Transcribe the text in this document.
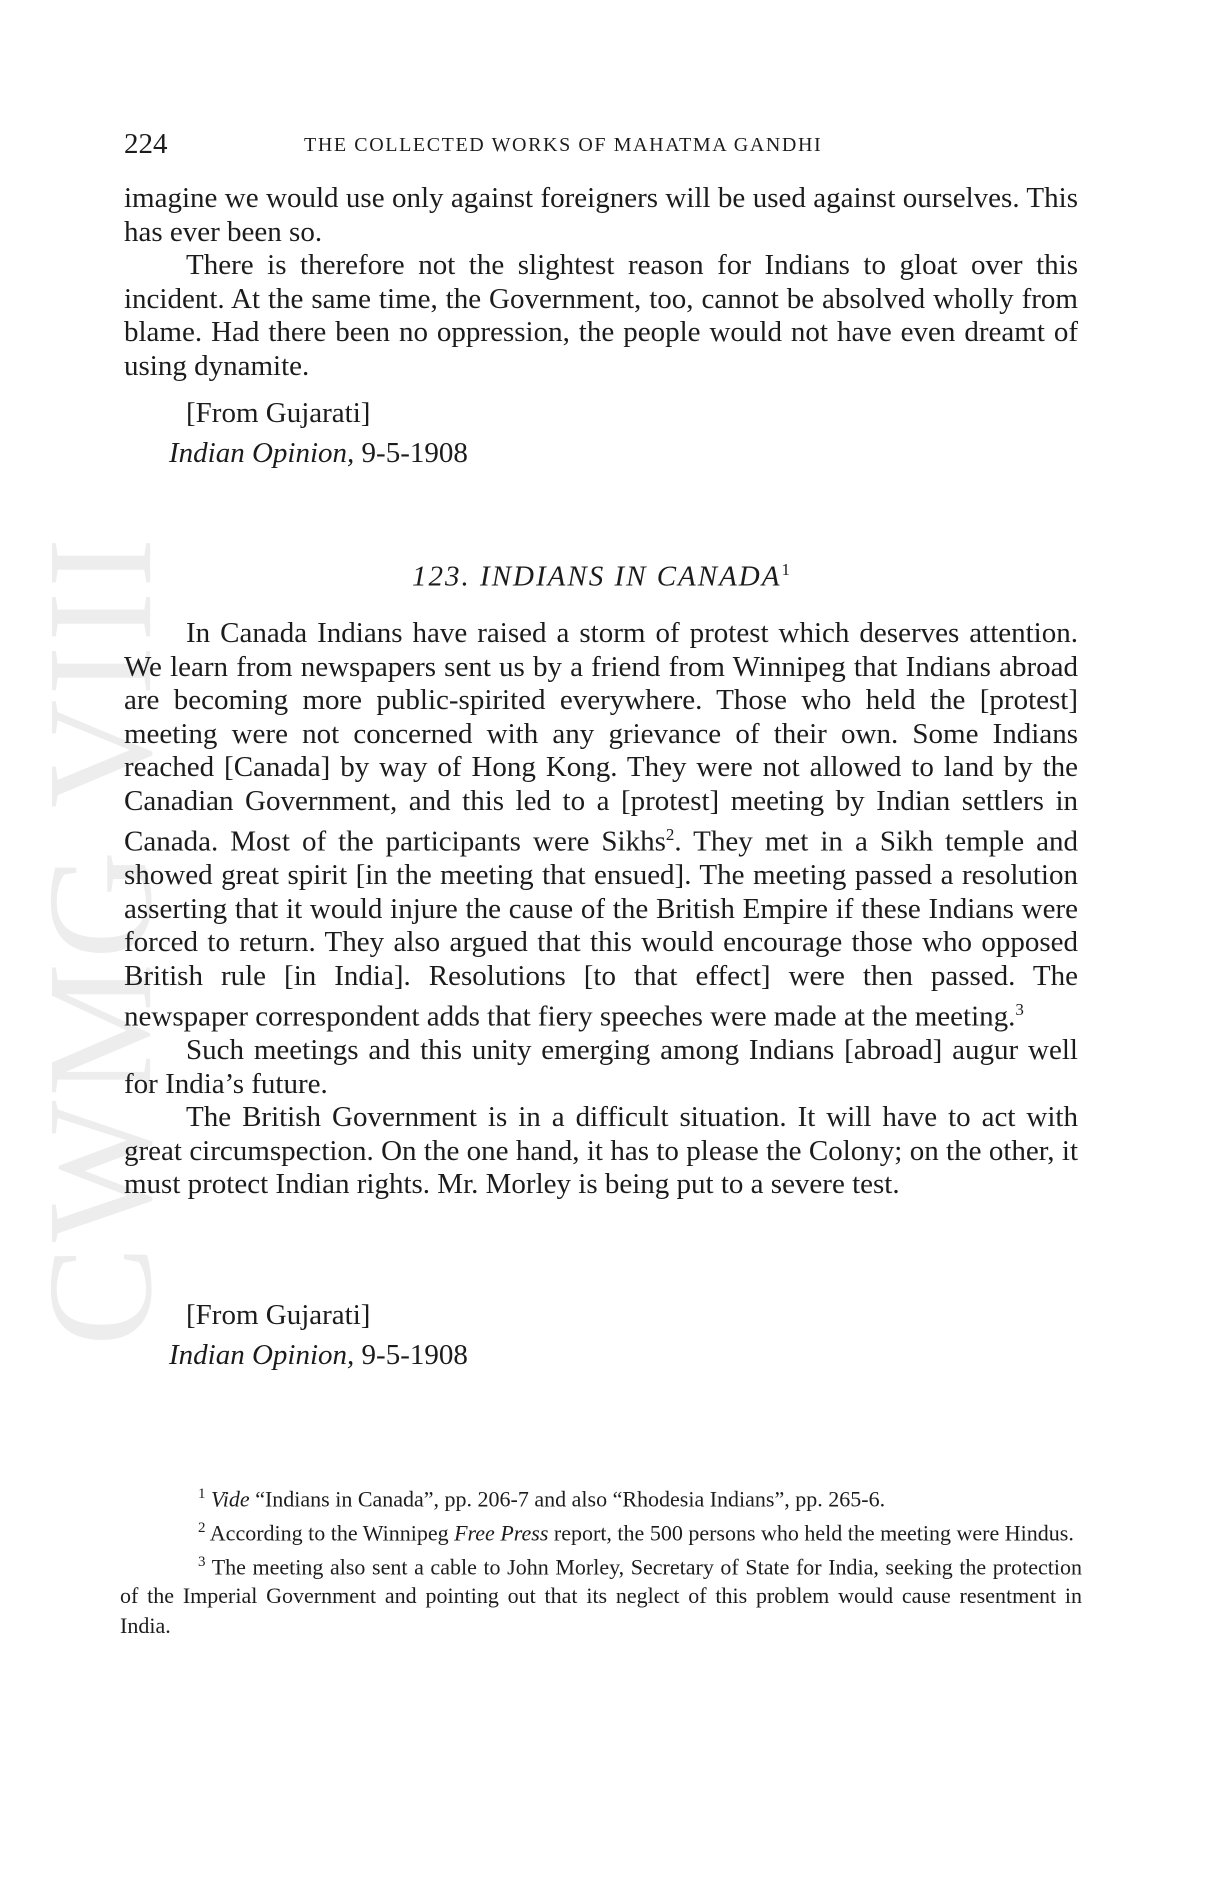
CWMG VIII
224	THE COLLECTED WORKS OF MAHATMA GANDHI

imagine we would use only against foreigners will be used against ourselves. This has ever been so.

There is therefore not the slightest reason for Indians to gloat over this incident. At the same time, the Government, too, cannot be absolved wholly from blame. Had there been no oppression, the people would not have even dreamt of using dynamite.

[From Gujarati]
Indian Opinion, 9-5-1908
123. INDIANS IN CANADA$^1$

In Canada Indians have raised a storm of protest which deserves attention. We learn from newspapers sent us by a friend from Winnipeg that Indians abroad are becoming more public-spirited everywhere. Those who held the [protest] meeting were not concerned with any grievance of their own. Some Indians reached [Canada] by way of Hong Kong. They were not allowed to land by the Canadian Government, and this led to a [protest] meeting by Indian settlers in Canada. Most of the participants were Sikhs$^2$. They met in a Sikh temple and showed great spirit [in the meeting that ensued]. The meeting passed a resolution asserting that it would injure the cause of the British Empire if these Indians were forced to return. They also argued that this would encourage those who opposed British rule [in India]. Resolutions [to that effect] were then passed. The newspaper correspondent adds that fiery speeches were made at the meeting.$^3$

Such meetings and this unity emerging among Indians [abroad] augur well for India’s future.

The British Government is in a difficult situation. It will have to act with great circumspection. On the one hand, it has to please the Colony; on the other, it must protect Indian rights. Mr. Morley is being put to a severe test.

[From Gujarati]
Indian Opinion, 9-5-1908

$^1$ Vide “Indians in Canada”, pp. 206-7 and also “Rhodesia Indians”, pp. 265-6.

$^2$ According to the Winnipeg Free Press report, the 500 persons who held the meeting were Hindus.

$^3$ The meeting also sent a cable to John Morley, Secretary of State for India, seeking the protection of the Imperial Government and pointing out that its neglect of this problem would cause resentment in India.
